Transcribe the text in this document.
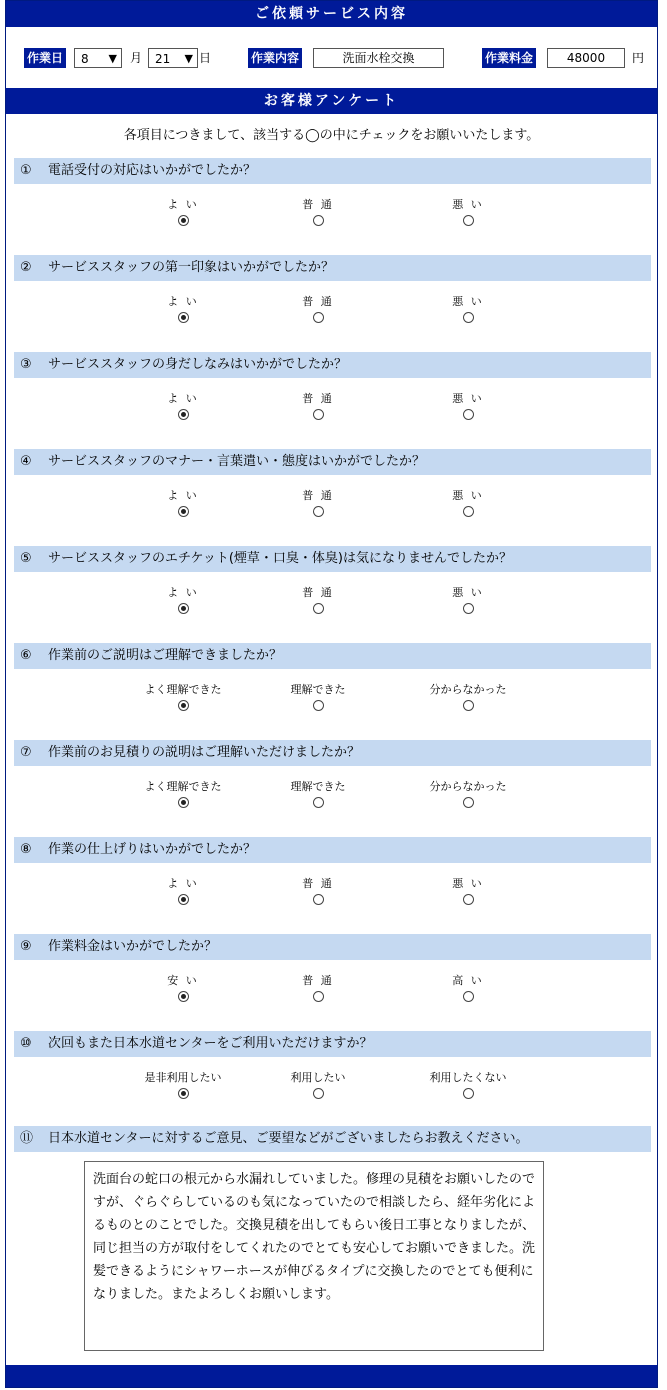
ご依頼サービス内容
作業日 8 ▼ 月 21 ▼ 日	作業内容	洗面水栓交換	作業料金	48000	円
お客様アンケート
各項目につきまして、該当する◯の中にチェックをお願いいたします。
① 電話受付の対応はいかがでしたか？
よ い	普 通	悪 い
② サービススタッフの第一印象はいかがでしたか？
よ い	普 通	悪 い
③ サービススタッフの身だしなみはいかがでしたか？
よ い	普 通	悪 い
④ サービススタッフのマナー・言葉遣い・態度はいかがでしたか？
よ い	普 通	悪 い
⑤ サービススタッフのエチケット(煙草・口臭・体臭)は気になりませんでしたか？
よ い	普 通	悪 い
⑥ 作業前のご説明はご理解できましたか？
よく理解できた	理解できた	分からなかった
⑦ 作業前のお見積りの説明はご理解いただけましたか？
よく理解できた	理解できた	分からなかった
⑧ 作業の仕上げりはいかがでしたか？
よ い	普 通	悪 い
⑨ 作業料金はいかがでしたか？
安 い	普 通	高 い
⑩ 次回もまた日本水道センターをご利用いただけますか？
是非利用したい	利用したい	利用したくない
⑪ 日本水道センターに対するご意見、ご要望などがございましたらお教えください。
洗面台の蛇口の根元から水漏れしていました。修理の見積をお願いしたのですが、ぐらぐらしているのも気になっていたので相談したら、経年劣化によるものとのことでした。交換見積を出してもらい後日工事となりましたが、同じ担当の方が取付をしてくれたのでとても安心してお願いできました。洗髪できるようにシャワーホースが伸びるタイプに交換したのでとても便利になりました。またよろしくお願いします。
